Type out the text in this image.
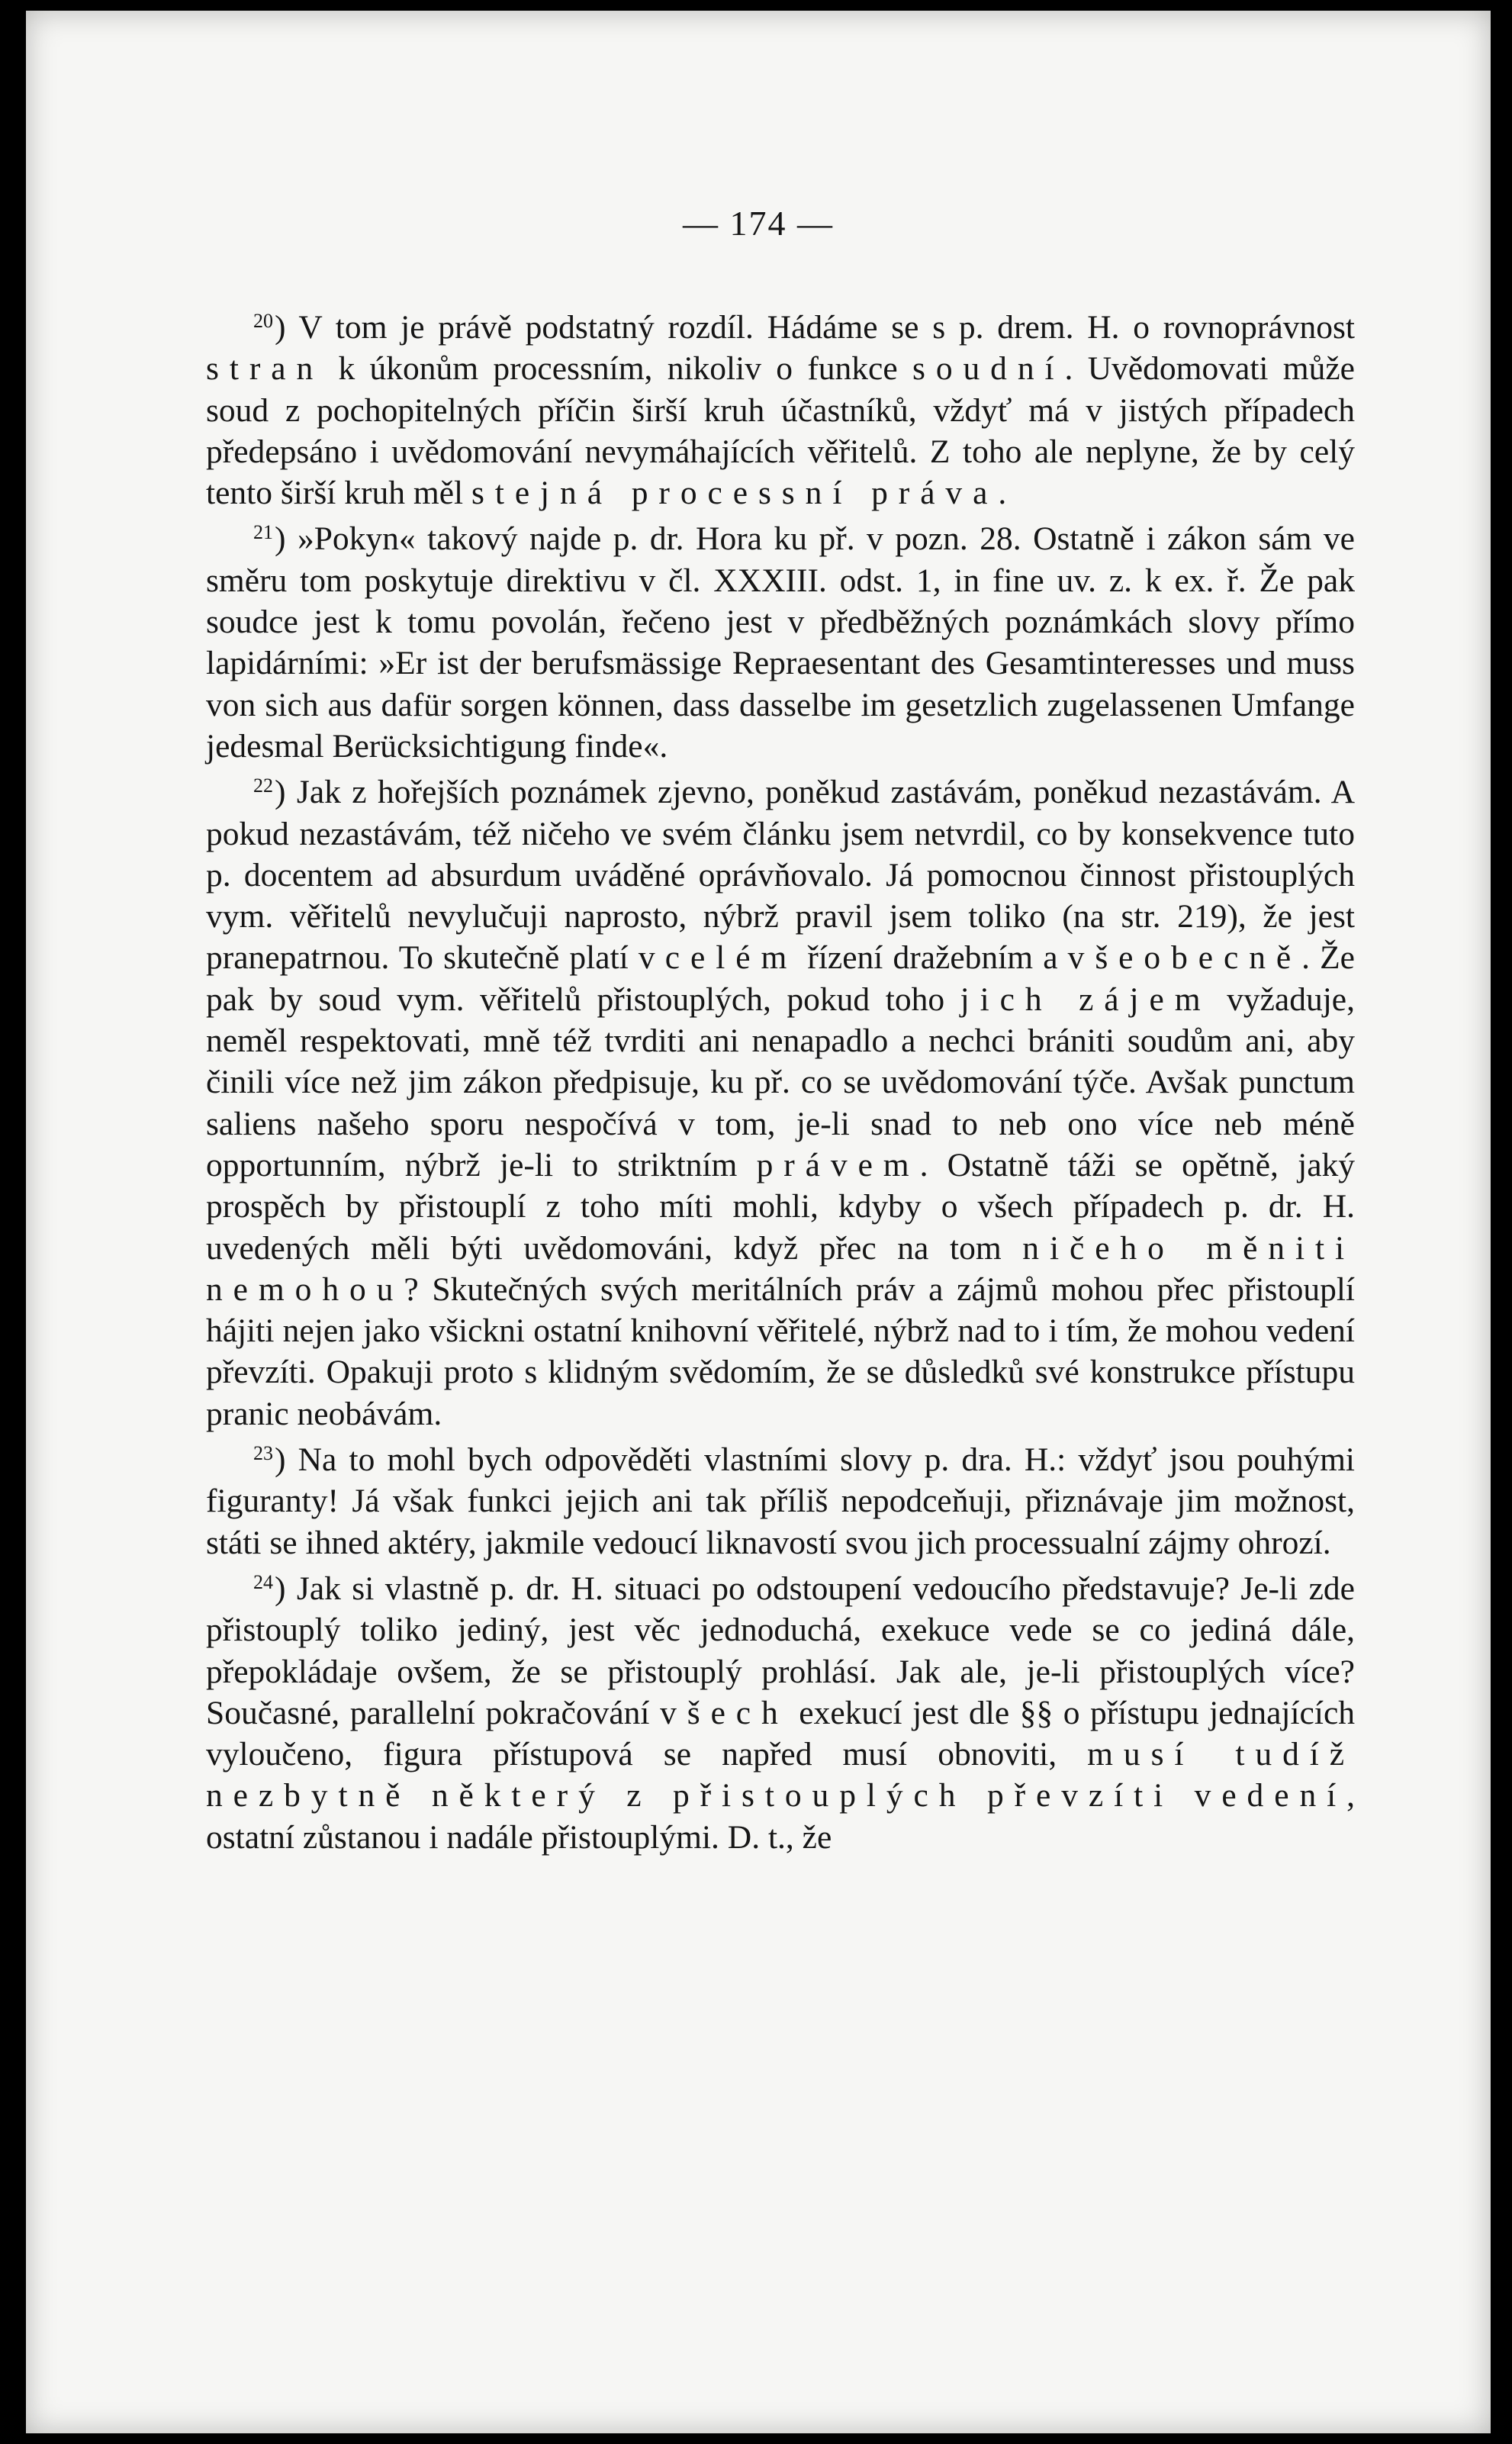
— 174 —

$^{20}$) V tom je právě podstatný rozdíl. Hádáme se s p. drem. H. o rovnoprávnost stran k úkonům processním, nikoliv o funkce soudní. Uvědomovati může soud z pochopitelných příčin širší kruh účastníků, vždyť má v jistých případech předepsáno i uvědomování nevymáhajících věřitelů. Z toho ale neplyne, že by celý tento širší kruh měl stejná processní práva.

$^{21}$) »Pokyn« takový najde p. dr. Hora ku př. v pozn. 28. Ostatně i zákon sám ve směru tom poskytuje direktivu v čl. XXXIII. odst. 1, in fine uv. z. k ex. ř. Že pak soudce jest k tomu povolán, řečeno jest v předběžných poznámkách slovy přímo lapidárními: »Er ist der berufsmässige Repraesentant des Gesamtinteresses und muss von sich aus dafür sorgen können, dass dasselbe im gesetzlich zugelassenen Umfange jedesmal Berücksichtigung finde«.

$^{22}$) Jak z hořejších poznámek zjevno, poněkud zastávám, poněkud nezastávám. A pokud nezastávám, též ničeho ve svém článku jsem netvrdil, co by konsekvence tuto p. docentem ad absurdum uváděné oprávňovalo. Já pomocnou činnost přistouplých vym. věřitelů nevylučuji naprosto, nýbrž pravil jsem toliko (na str. 219), že jest pranepatrnou. To skutečně platí v celém řízení dražebním a všeobecně. Že pak by soud vym. věřitelů přistouplých, pokud toho jich zájem vyžaduje, neměl respektovati, mně též tvrditi ani nenapadlo a nechci brániti soudům ani, aby činili více než jim zákon předpisuje, ku př. co se uvědomování týče. Avšak punctum saliens našeho sporu nespočívá v tom, je-li snad to neb ono více neb méně opportunním, nýbrž je-li to striktním právem. Ostatně táži se opětně, jaký prospěch by přistouplí z toho míti mohli, kdyby o všech případech p. dr. H. uvedených měli býti uvědomováni, když přec na tom ničeho měniti nemohou? Skutečných svých meritálních práv a zájmů mohou přec přistouplí hájiti nejen jako všickni ostatní knihovní věřitelé, nýbrž nad to i tím, že mohou vedení převzíti. Opakuji proto s klidným svědomím, že se důsledků své konstrukce přístupu pranic neobávám.

$^{23}$) Na to mohl bych odpověděti vlastními slovy p. dra. H.: vždyť jsou pouhými figuranty! Já však funkci jejich ani tak příliš nepodceňuji, přiznávaje jim možnost, státi se ihned aktéry, jakmile vedoucí liknavostí svou jich processualní zájmy ohrozí.

$^{24}$) Jak si vlastně p. dr. H. situaci po odstoupení vedoucího představuje? Je-li zde přistouplý toliko jediný, jest věc jednoduchá, exekuce vede se co jediná dále, přepokládaje ovšem, že se přistouplý prohlásí. Jak ale, je-li přistouplých více? Současné, parallelní pokračování všech exekucí jest dle §§ o přístupu jednajících vyloučeno, figura přístupová se napřed musí obnoviti, musí tudíž nezbytně některý z přistouplých převzíti vedení, ostatní zůstanou i nadále přistouplými. D. t., že
